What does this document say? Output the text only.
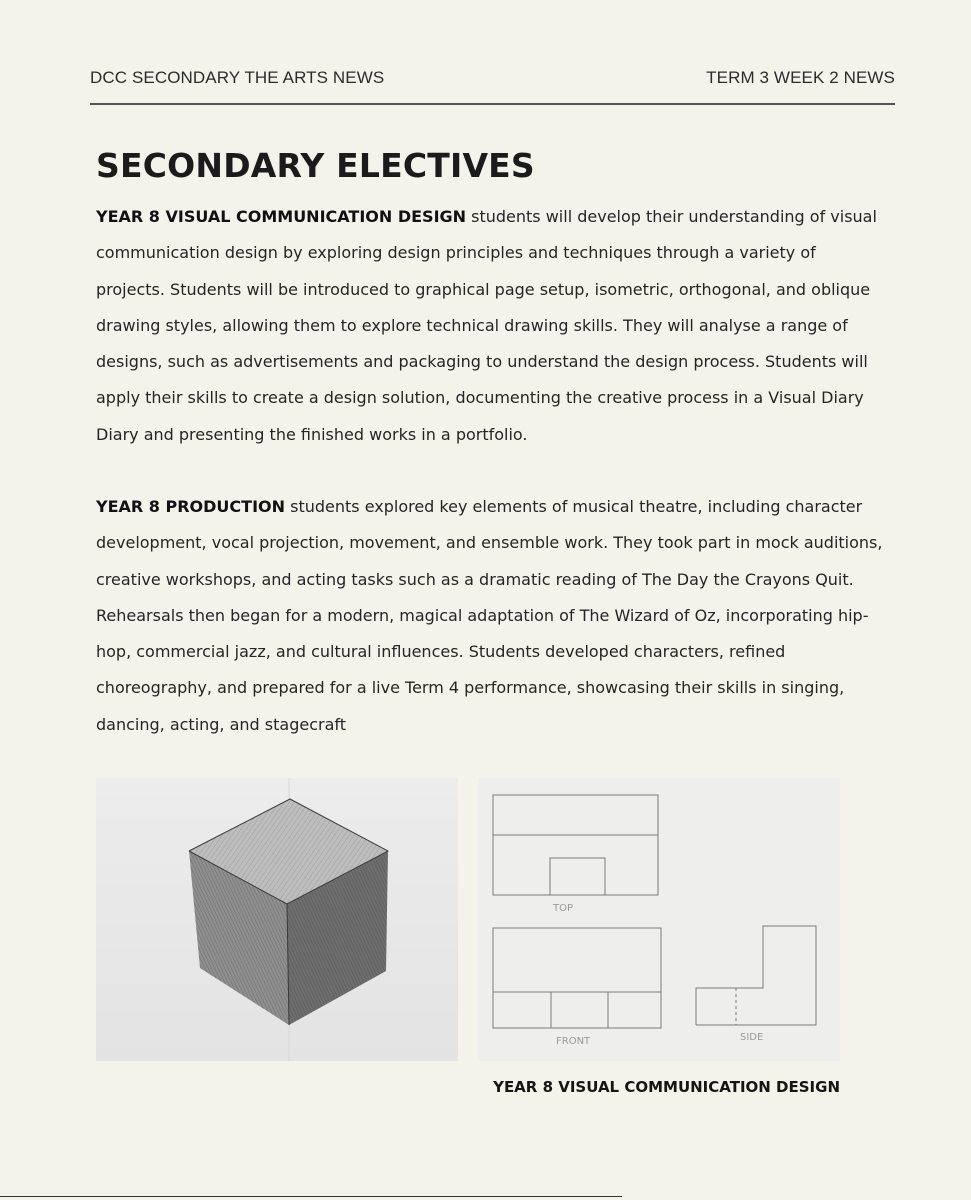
DCC SECONDARY THE ARTS NEWS	TERM 3 WEEK 2 NEWS
SECONDARY ELECTIVES

YEAR 8 VISUAL COMMUNICATION DESIGN students will develop their understanding of visual communication design by exploring design principles and techniques through a variety of projects. Students will be introduced to graphical page setup, isometric, orthogonal, and oblique drawing styles, allowing them to explore technical drawing skills. They will analyse a range of designs, such as advertisements and packaging to understand the design process. Students will apply their skills to create a design solution, documenting the creative process in a Visual Diary Diary and presenting the finished works in a portfolio.

YEAR 8 PRODUCTION students explored key elements of musical theatre, including character development, vocal projection, movement, and ensemble work. They took part in mock auditions, creative workshops, and acting tasks such as a dramatic reading of The Day the Crayons Quit. Rehearsals then began for a modern, magical adaptation of The Wizard of Oz, incorporating hip-hop, commercial jazz, and cultural influences. Students developed characters, refined choreography, and prepared for a live Term 4 performance, showcasing their skills in singing, dancing, acting, and stagecraft

TOP
FRONT	SIDE

YEAR 8 VISUAL COMMUNICATION DESIGN
